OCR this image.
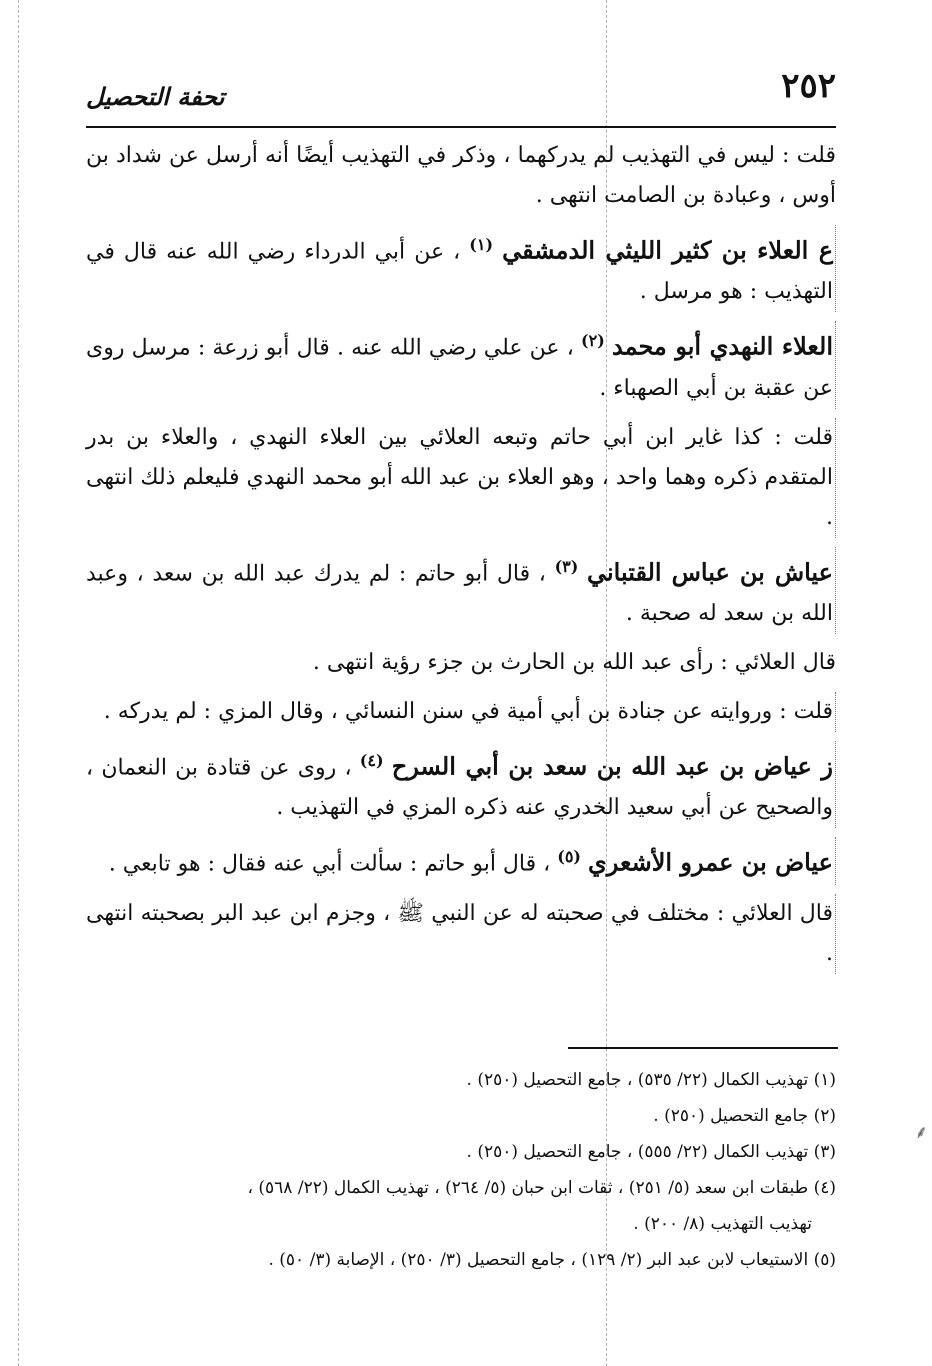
٢٥٢
تحفة التحصيل

قلت : ليس في التهذيب لم يدركهما ، وذكر في التهذيب أيضًا أنه أرسل عن شداد بن أوس ، وعبادة بن الصامت انتهى .

ع العلاء بن كثير الليثي الدمشقي $^{(١)}$ ، عن أبي الدرداء رضي الله عنه قال في التهذيب : هو مرسل .

العلاء النهدي أبو محمد $^{(٢)}$ ، عن علي رضي الله عنه . قال أبو زرعة : مرسل روى عن عقبة بن أبي الصهباء .

قلت : كذا غاير ابن أبي حاتم وتبعه العلائي بين العلاء النهدي ، والعلاء بن بدر المتقدم ذكره وهما واحد ، وهو العلاء بن عبد الله أبو محمد النهدي فليعلم ذلك انتهى .

عياش بن عباس القتباني $^{(٣)}$ ، قال أبو حاتم : لم يدرك عبد الله بن سعد ، وعبد الله بن سعد له صحبة .

قال العلائي : رأى عبد الله بن الحارث بن جزء رؤية انتهى .

قلت : وروايته عن جنادة بن أبي أمية في سنن النسائي ، وقال المزي : لم يدركه .

ز عياض بن عبد الله بن سعد بن أبي السرح $^{(٤)}$ ، روى عن قتادة بن النعمان ، والصحيح عن أبي سعيد الخدري عنه ذكره المزي في التهذيب .

عياض بن عمرو الأشعري $^{(٥)}$ ، قال أبو حاتم : سألت أبي عنه فقال : هو تابعي .

قال العلائي : مختلف في صحبته له عن النبي ﷺ ، وجزم ابن عبد البر بصحبته انتهى .

(١) تهذيب الكمال (٢٢/ ٥٣٥) ، جامع التحصيل (٢٥٠) .

(٢) جامع التحصيل (٢٥٠) .

(٣) تهذيب الكمال (٢٢/ ٥٥٥) ، جامع التحصيل (٢٥٠) .

(٤) طبقات ابن سعد (٥/ ٢٥١) ، ثقات ابن حبان (٥/ ٢٦٤) ، تهذيب الكمال (٢٢/ ٥٦٨) ،
تهذيب التهذيب (٨/ ٢٠٠) .

(٥) الاستيعاب لابن عبد البر (٢/ ١٢٩) ، جامع التحصيل (٣/ ٢٥٠) ، الإصابة (٣/ ٥٠) .

⸙
